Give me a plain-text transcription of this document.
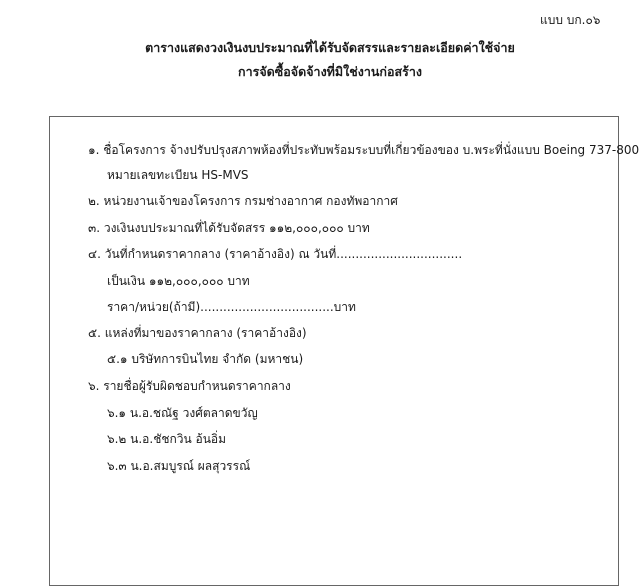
แบบ บก.๐๖
ตารางแสดงวงเงินงบประมาณที่ได้รับจัดสรรและรายละเอียดค่าใช้จ่าย
การจัดซื้อจัดจ้างที่มิใช่งานก่อสร้าง
๑. ชื่อโครงการ จ้างปรับปรุงสภาพห้องที่ประทับพร้อมระบบที่เกี่ยวข้องของ บ.พระที่นั่งแบบ Boeing 737-800
หมายเลขทะเบียน HS-MVS
๒. หน่วยงานเจ้าของโครงการ กรมช่างอากาศ กองทัพอากาศ
๓. วงเงินงบประมาณที่ได้รับจัดสรร ๑๑๒,๐๐๐,๐๐๐ บาท
๔. วันที่กำหนดราคากลาง (ราคาอ้างอิง) ณ วันที่.................................
เป็นเงิน ๑๑๒,๐๐๐,๐๐๐ บาท
ราคา/หน่วย(ถ้ามี)...................................บาท
๕. แหล่งที่มาของราคากลาง (ราคาอ้างอิง)
๕.๑ บริษัทการบินไทย จำกัด (มหาชน)
๖. รายชื่อผู้รับผิดชอบกำหนดราคากลาง
๖.๑ น.อ.ชณัฐ วงศ์ตลาดขวัญ
๖.๒ น.อ.ชัชกวิน อ้นอิ่ม
๖.๓ น.อ.สมบูรณ์ ผลสุวรรณ์
